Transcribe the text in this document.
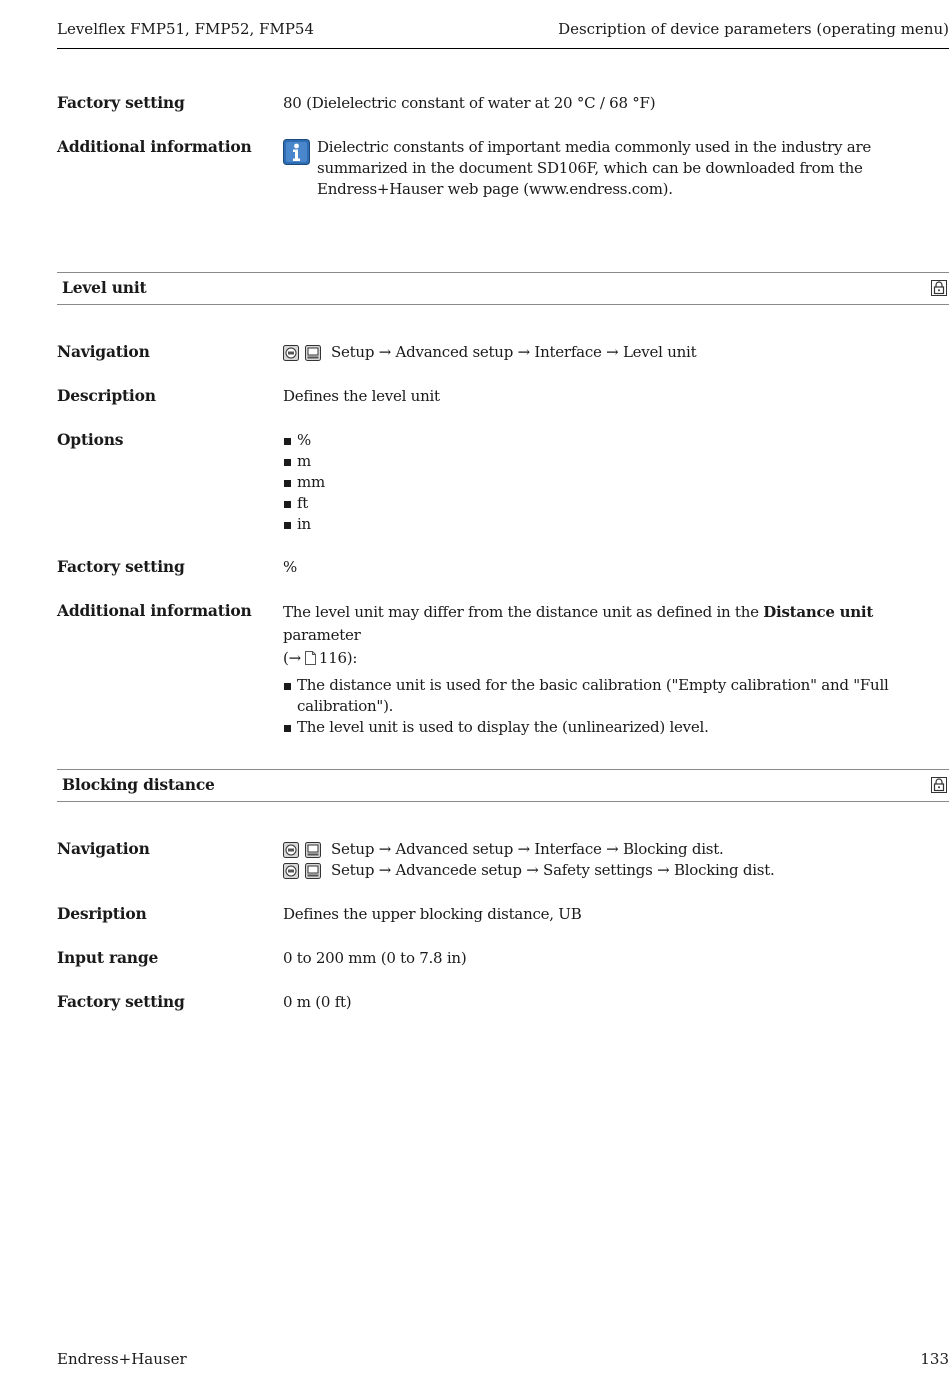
Levelflex FMP51, FMP52, FMP54	Description of device parameters (operating menu)
Factory setting	80 (Dielelectric constant of water at 20 °C / 68 °F)
Additional information	Dielectric constants of important media commonly used in the industry are summarized in the document SD106F, which can be downloaded from the Endress+Hauser web page (www.endress.com).
Level unit
Navigation	Setup → Advanced setup → Interface → Level unit
Description	Defines the level unit
Options	%
m
mm
ft
in
Factory setting	%
Additional information	The level unit may differ from the distance unit as defined in the Distance unit parameter
(→ 116):
The distance unit is used for the basic calibration ("Empty calibration" and "Full calibration").
The level unit is used to display the (unlinearized) level.
Blocking distance
Navigation	Setup → Advanced setup → Interface → Blocking dist.
Setup → Advancede setup → Safety settings → Blocking dist.
Desription	Defines the upper blocking distance, UB
Input range	0 to 200 mm (0 to 7.8 in)
Factory setting	0 m (0 ft)
Endress+Hauser	133
